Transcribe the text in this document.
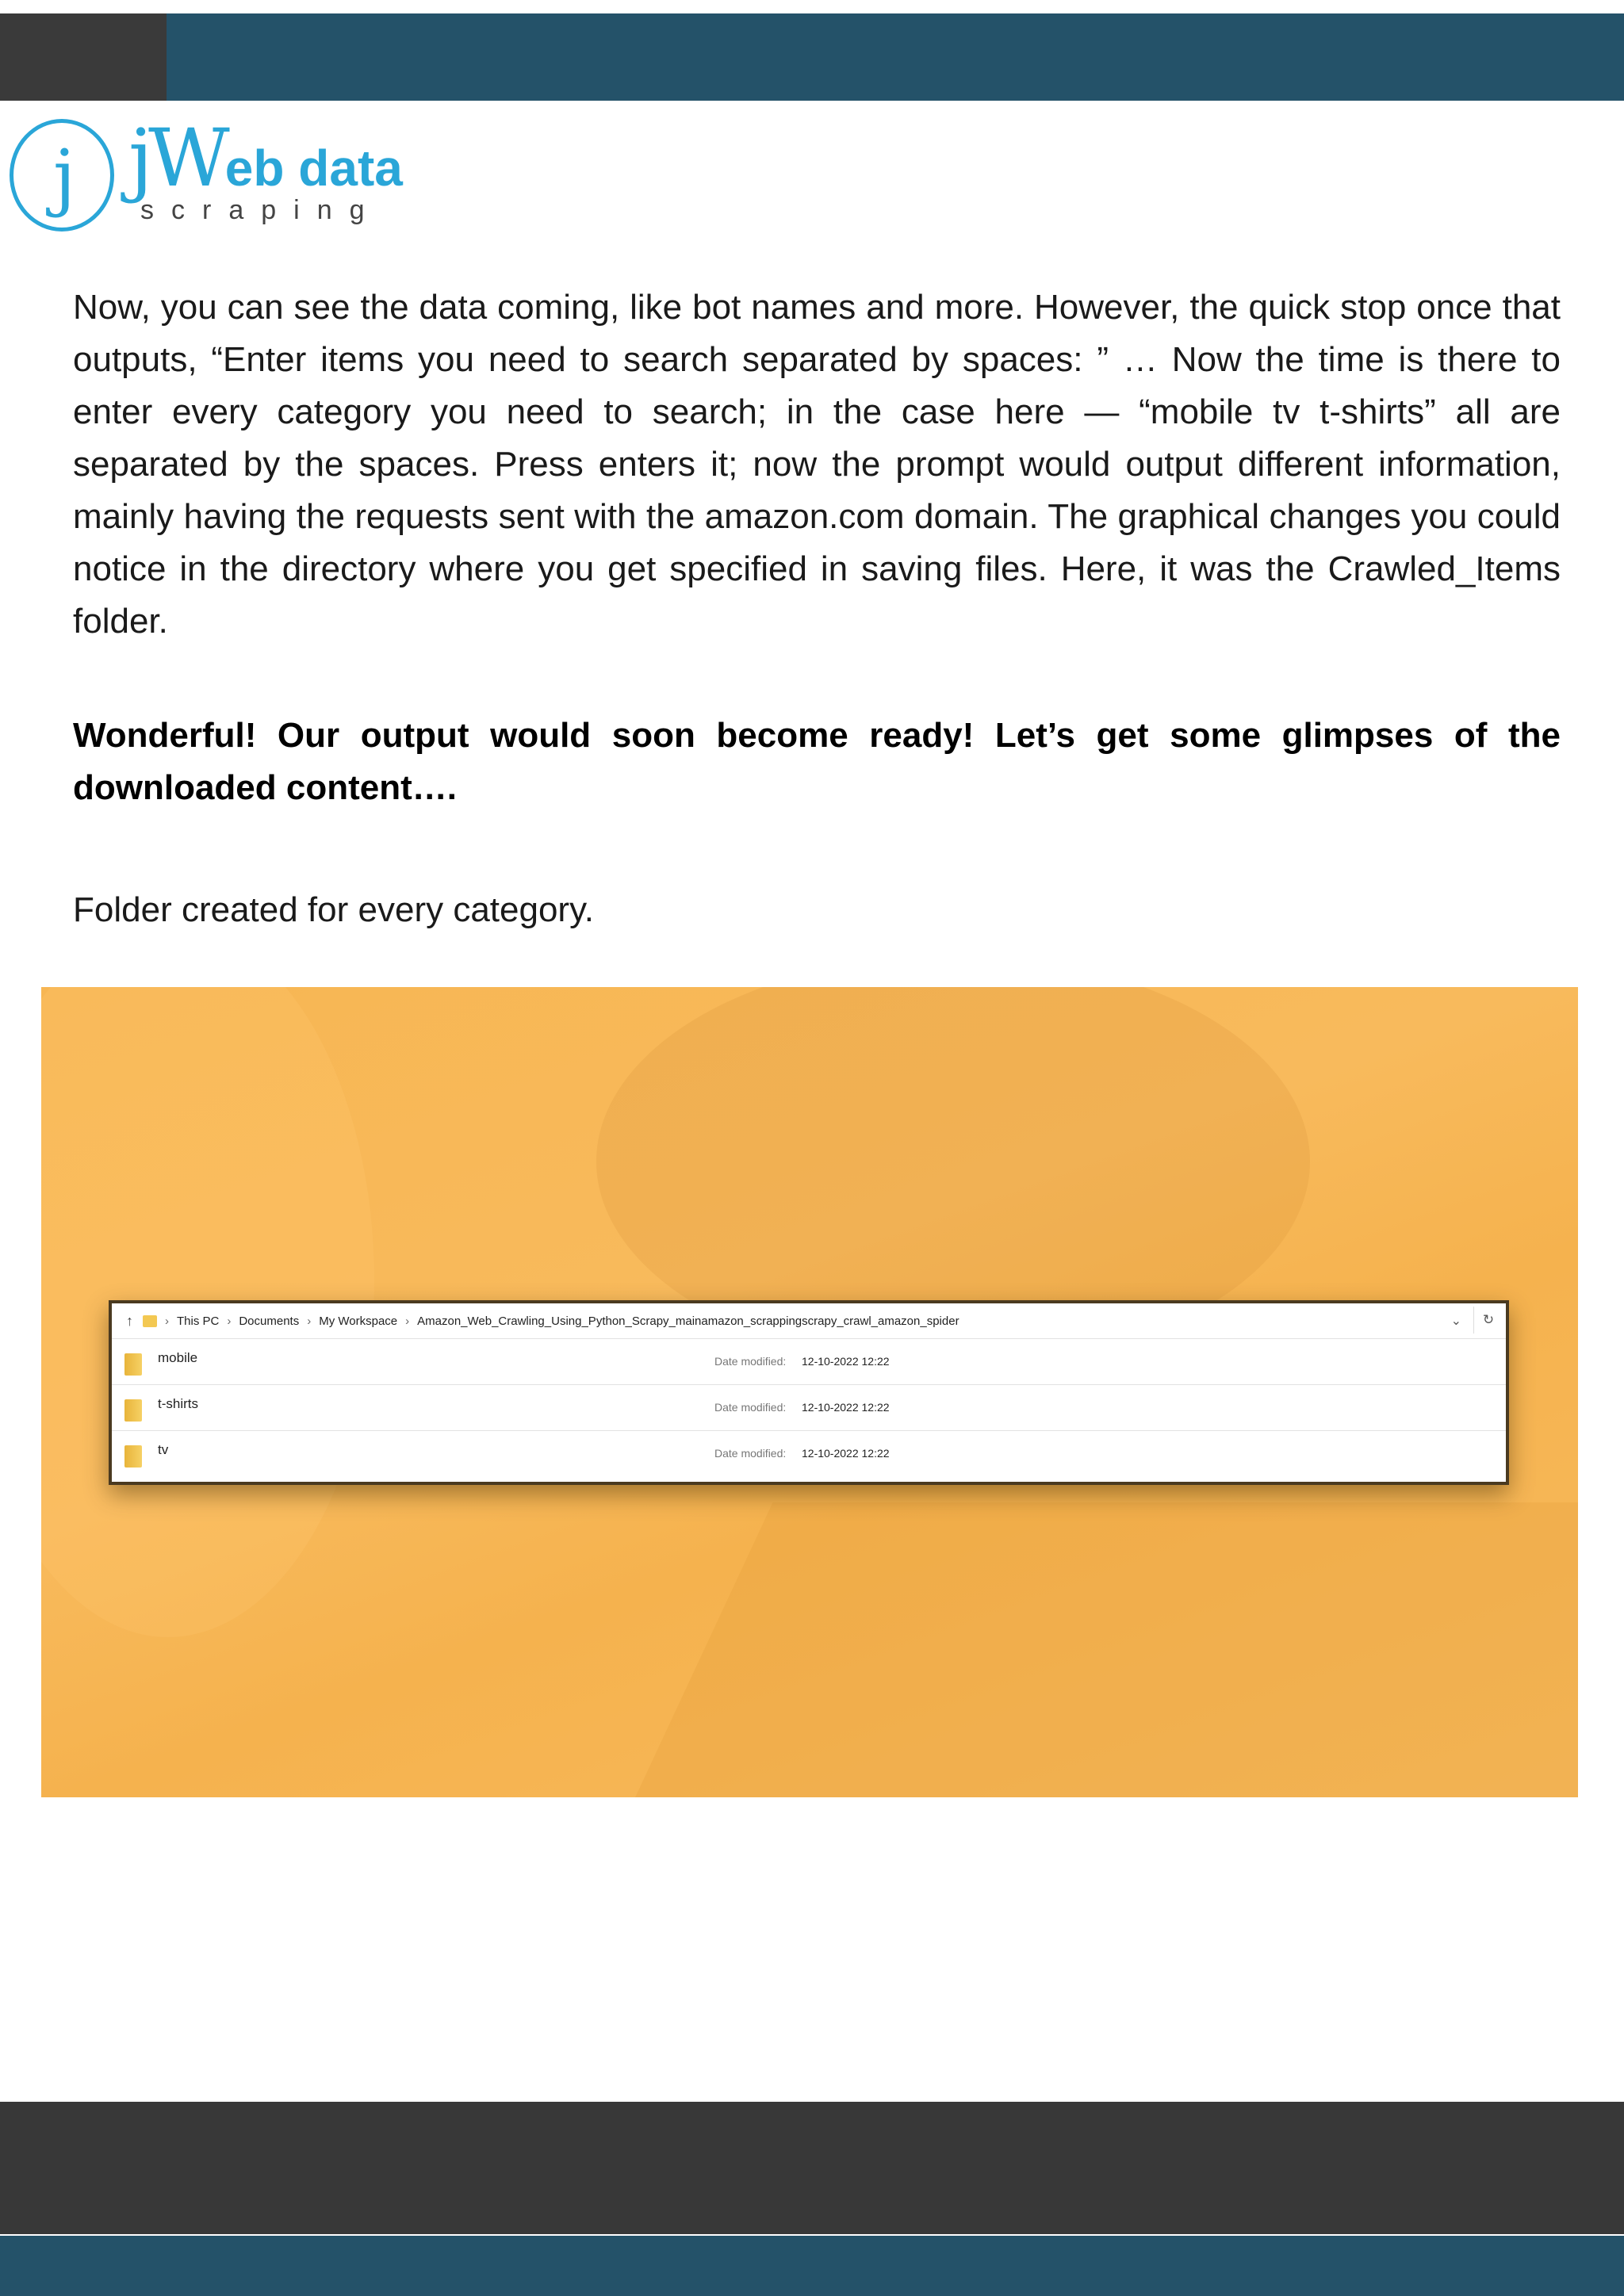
j jWeb data
scraping

Now, you can see the data coming, like bot names and more. However, the quick stop once that outputs, “Enter items you need to search separated by spaces: ” … Now the time is there to enter every category you need to search; in the case here — “mobile tv t-shirts” all are separated by the spaces. Press enters it; now the prompt would output different information, mainly having the requests sent with the amazon.com domain. The graphical changes you could notice in the directory where you get specified in saving files. Here, it was the Crawled_Items folder.

Wonderful! Our output would soon become ready! Let’s get some glimpses of the downloaded content….

Folder created for every category.

↑	› This PC › Documents › My Workspace › Amazon_Web_Crawling_Using_Python_Scrapy_mainamazon_scrappingscrapy_crawl_amazon_spider	⌄	↻
mobile	Date modified: 12-10-2022 12:22
t-shirts	Date modified: 12-10-2022 12:22
tv	Date modified: 12-10-2022 12:22
